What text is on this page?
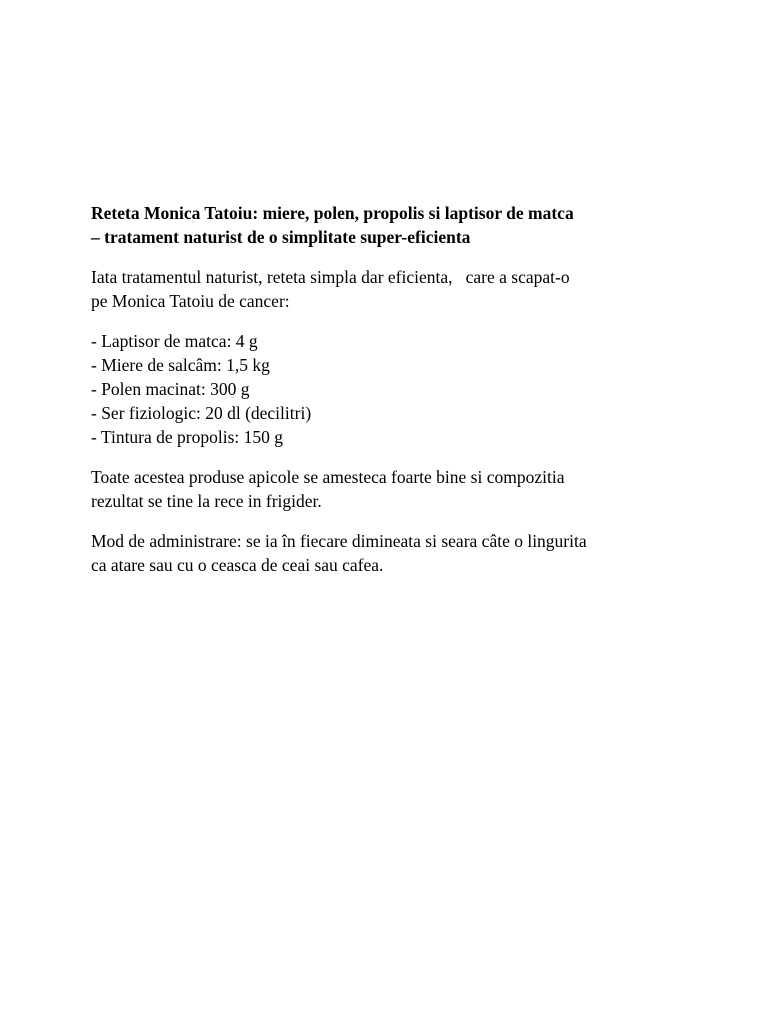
Reteta Monica Tatoiu: miere, polen, propolis si laptisor de matca
– tratament naturist de o simplitate super-eficienta

Iata tratamentul naturist, reteta simpla dar eficienta,   care a scapat-o
pe Monica Tatoiu de cancer:

- Laptisor de matca: 4 g
- Miere de salcâm: 1,5 kg
- Polen macinat: 300 g
- Ser fiziologic: 20 dl (decilitri)
- Tintura de propolis: 150 g

Toate acestea produse apicole se amesteca foarte bine si compozitia
rezultat se tine la rece in frigider.

Mod de administrare: se ia în fiecare dimineata si seara câte o lingurita
ca atare sau cu o ceasca de ceai sau cafea.
